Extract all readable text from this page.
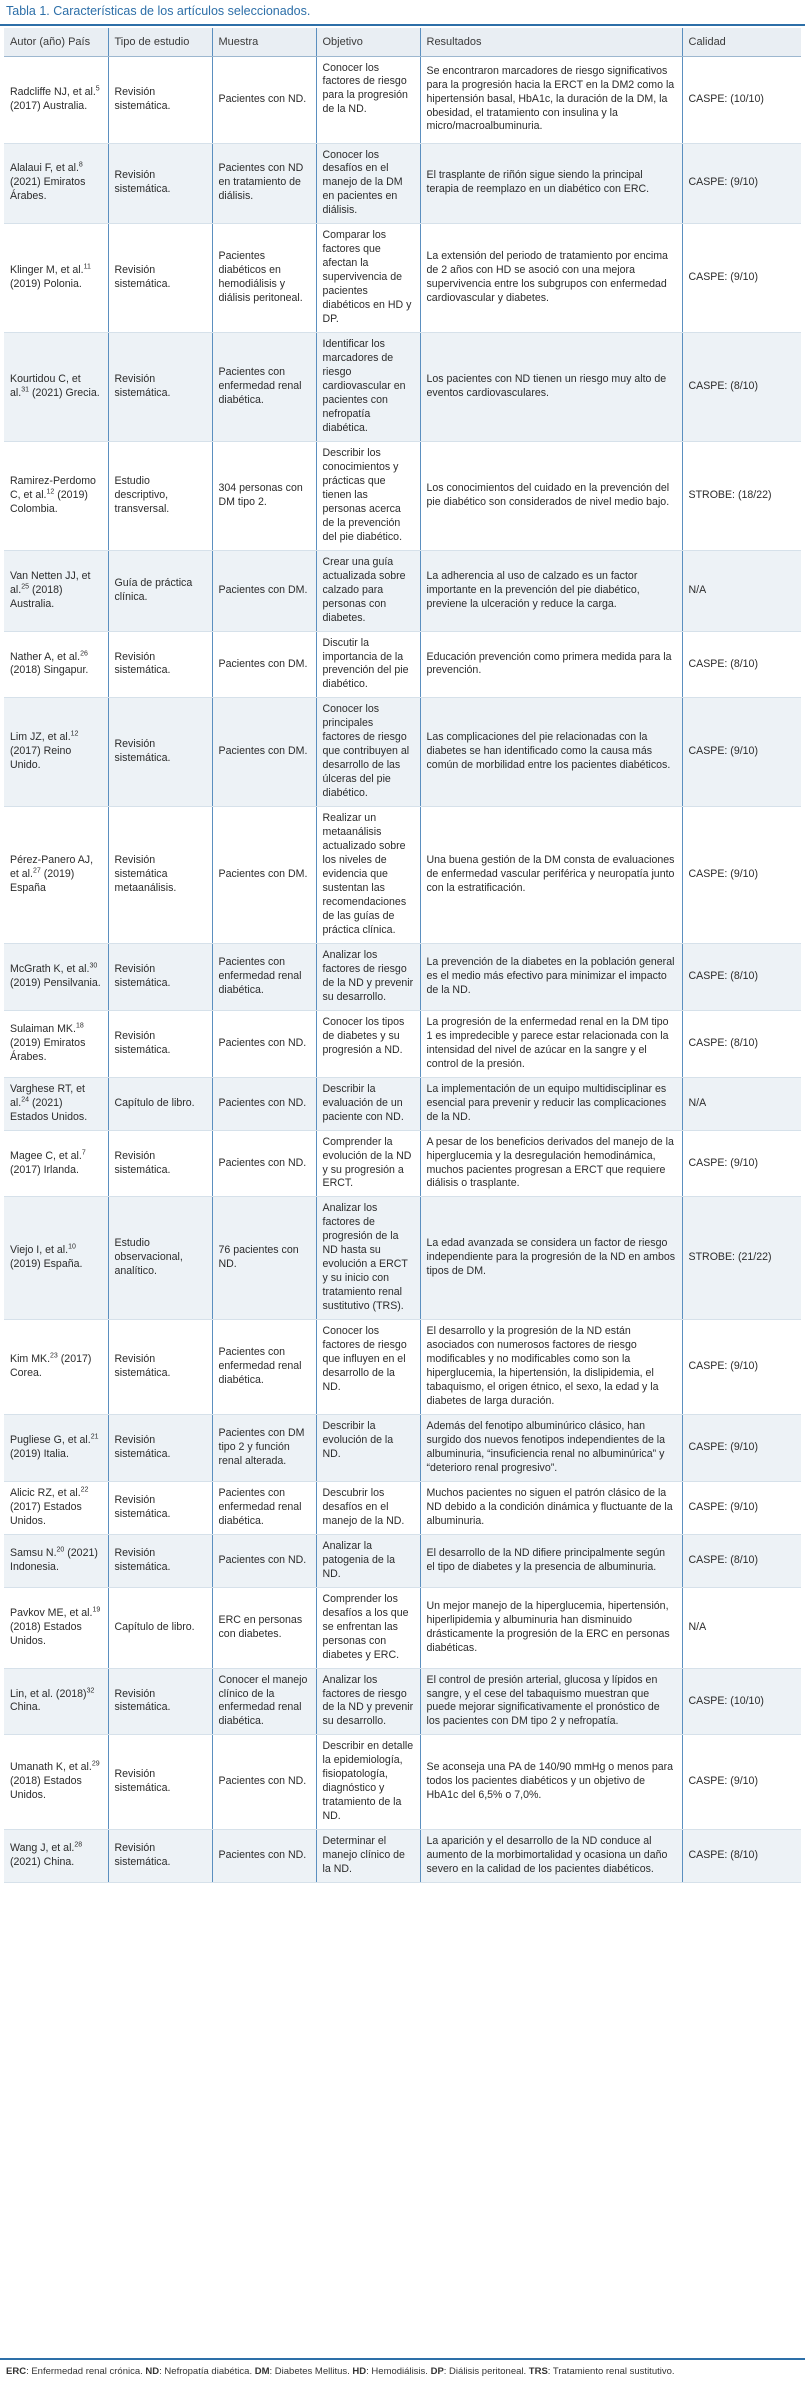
Tabla 1. Características de los artículos seleccionados.
Autor (año) País	Tipo de estudio	Muestra	Objetivo	Resultados	Calidad
Radcliffe NJ, et al.$^5$ (2017) Australia.	Revisión sistemática.	Pacientes con ND.	Conocer los factores de riesgo para la progresión de la ND.	Se encontraron marcadores de riesgo significativos para la progresión hacia la ERCT en la DM2 como la hipertensión basal, HbA1c, la duración de la DM, la obesidad, el tratamiento con insulina y la micro/macroalbuminuria.	CASPE: (10/10)
Alalaui F, et al.$^8$ (2021) Emiratos Árabes.	Revisión sistemática.	Pacientes con ND en tratamiento de diálisis.	Conocer los desafíos en el manejo de la DM en pacientes en diálisis.	El trasplante de riñón sigue siendo la principal terapia de reemplazo en un diabético con ERC.	CASPE: (9/10)
Klinger M, et al.$^{11}$ (2019) Polonia.	Revisión sistemática.	Pacientes diabéticos en hemodiálisis y diálisis peritoneal.	Comparar los factores que afectan la supervivencia de pacientes diabéticos en HD y DP.	La extensión del periodo de tratamiento por encima de 2 años con HD se asoció con una mejora supervivencia entre los subgrupos con enfermedad cardiovascular y diabetes.	CASPE: (9/10)
Kourtidou C, et al.$^{31}$ (2021) Grecia.	Revisión sistemática.	Pacientes con enfermedad renal diabética.	Identificar los marcadores de riesgo cardiovascular en pacientes con nefropatía diabética.	Los pacientes con ND tienen un riesgo muy alto de eventos cardiovasculares.	CASPE: (8/10)
Ramirez-Perdomo C, et al.$^{12}$ (2019) Colombia.	Estudio descriptivo, transversal.	304 personas con DM tipo 2.	Describir los conocimientos y prácticas que tienen las personas acerca de la prevención del pie diabético.	Los conocimientos del cuidado en la prevención del pie diabético son considerados de nivel medio bajo.	STROBE: (18/22)
Van Netten JJ, et al.$^{25}$ (2018) Australia.	Guía de práctica clínica.	Pacientes con DM.	Crear una guía actualizada sobre calzado para personas con diabetes.	La adherencia al uso de calzado es un factor importante en la prevención del pie diabético, previene la ulceración y reduce la carga.	N/A
Nather A, et al.$^{26}$ (2018) Singapur.	Revisión sistemática.	Pacientes con DM.	Discutir la importancia de la prevención del pie diabético.	Educación prevención como primera medida para la prevención.	CASPE: (8/10)
Lim JZ, et al.$^{12}$ (2017) Reino Unido.	Revisión sistemática.	Pacientes con DM.	Conocer los principales factores de riesgo que contribuyen al desarrollo de las úlceras del pie diabético.	Las complicaciones del pie relacionadas con la diabetes se han identificado como la causa más común de morbilidad entre los pacientes diabéticos.	CASPE: (9/10)
Pérez-Panero AJ, et al.$^{27}$ (2019) España	Revisión sistemática metaanálisis.	Pacientes con DM.	Realizar un metaanálisis actualizado sobre los niveles de evidencia que sustentan las recomendaciones de las guías de práctica clínica.	Una buena gestión de la DM consta de evaluaciones de enfermedad vascular periférica y neuropatía junto con la estratificación.	CASPE: (9/10)
McGrath K, et al.$^{30}$ (2019) Pensilvania.	Revisión sistemática.	Pacientes con enfermedad renal diabética.	Analizar los factores de riesgo de la ND y prevenir su desarrollo.	La prevención de la diabetes en la población general es el medio más efectivo para minimizar el impacto de la ND.	CASPE: (8/10)
Sulaiman MK.$^{18}$ (2019) Emiratos Árabes.	Revisión sistemática.	Pacientes con ND.	Conocer los tipos de diabetes y su progresión a ND.	La progresión de la enfermedad renal en la DM tipo 1 es impredecible y parece estar relacionada con la intensidad del nivel de azúcar en la sangre y el control de la presión.	CASPE: (8/10)
Varghese RT, et al.$^{24}$ (2021) Estados Unidos.	Capítulo de libro.	Pacientes con ND.	Describir la evaluación de un paciente con ND.	La implementación de un equipo multidisciplinar es esencial para prevenir y reducir las complicaciones de la ND.	N/A
Magee C, et al.$^7$ (2017) Irlanda.	Revisión sistemática.	Pacientes con ND.	Comprender la evolución de la ND y su progresión a ERCT.	A pesar de los beneficios derivados del manejo de la hiperglucemia y la desregulación hemodinámica, muchos pacientes progresan a ERCT que requiere diálisis o trasplante.	CASPE: (9/10)
Viejo I, et al.$^{10}$ (2019) España.	Estudio observacional, analítico.	76 pacientes con ND.	Analizar los factores de progresión de la ND hasta su evolución a ERCT y su inicio con tratamiento renal sustitutivo (TRS).	La edad avanzada se considera un factor de riesgo independiente para la progresión de la ND en ambos tipos de DM.	STROBE: (21/22)
Kim MK.$^{23}$ (2017) Corea.	Revisión sistemática.	Pacientes con enfermedad renal diabética.	Conocer los factores de riesgo que influyen en el desarrollo de la ND.	El desarrollo y la progresión de la ND están asociados con numerosos factores de riesgo modificables y no modificables como son la hiperglucemia, la hipertensión, la dislipidemia, el tabaquismo, el origen étnico, el sexo, la edad y la diabetes de larga duración.	CASPE: (9/10)
Pugliese G, et al.$^{21}$ (2019) Italia.	Revisión sistemática.	Pacientes con DM tipo 2 y función renal alterada.	Describir la evolución de la ND.	Además del fenotipo albuminúrico clásico, han surgido dos nuevos fenotipos independientes de la albuminuria, “insuficiencia renal no albuminúrica” y “deterioro renal progresivo”.	CASPE: (9/10)
Alicic RZ, et al.$^{22}$ (2017) Estados Unidos.	Revisión sistemática.	Pacientes con enfermedad renal diabética.	Descubrir los desafíos en el manejo de la ND.	Muchos pacientes no siguen el patrón clásico de la ND debido a la condición dinámica y fluctuante de la albuminuria.	CASPE: (9/10)
Samsu N.$^{20}$ (2021) Indonesia.	Revisión sistemática.	Pacientes con ND.	Analizar la patogenia de la ND.	El desarrollo de la ND difiere principalmente según el tipo de diabetes y la presencia de albuminuria.	CASPE: (8/10)
Pavkov ME, et al.$^{19}$ (2018) Estados Unidos.	Capítulo de libro.	ERC en personas con diabetes.	Comprender los desafíos a los que se enfrentan las personas con diabetes y ERC.	Un mejor manejo de la hiperglucemia, hipertensión, hiperlipidemia y albuminuria han disminuido drásticamente la progresión de la ERC en personas diabéticas.	N/A
Lin, et al. $(2018)^{32}$ China.	Revisión sistemática.	Conocer el manejo clínico de la enfermedad renal diabética.	Analizar los factores de riesgo de la ND y prevenir su desarrollo.	El control de presión arterial, glucosa y lípidos en sangre, y el cese del tabaquismo muestran que puede mejorar significativamente el pronóstico de los pacientes con DM tipo 2 y nefropatía.	CASPE: (10/10)
Umanath K, et al.$^{29}$ (2018) Estados Unidos.	Revisión sistemática.	Pacientes con ND.	Describir en detalle la epidemiología, fisiopatología, diagnóstico y tratamiento de la ND.	Se aconseja una PA de 140/90 mmHg o menos para todos los pacientes diabéticos y un objetivo de HbA1c del 6,5% o 7,0%.	CASPE: (9/10)
Wang J, et al.$^{28}$ (2021) China.	Revisión sistemática.	Pacientes con ND.	Determinar el manejo clínico de la ND.	La aparición y el desarrollo de la ND conduce al aumento de la morbimortalidad y ocasiona un daño severo en la calidad de los pacientes diabéticos.	CASPE: (8/10)
ERC: Enfermedad renal crónica. ND: Nefropatía diabética. DM: Diabetes Mellitus. HD: Hemodiálisis. DP: Diálisis peritoneal. TRS: Tratamiento renal sustitutivo.
